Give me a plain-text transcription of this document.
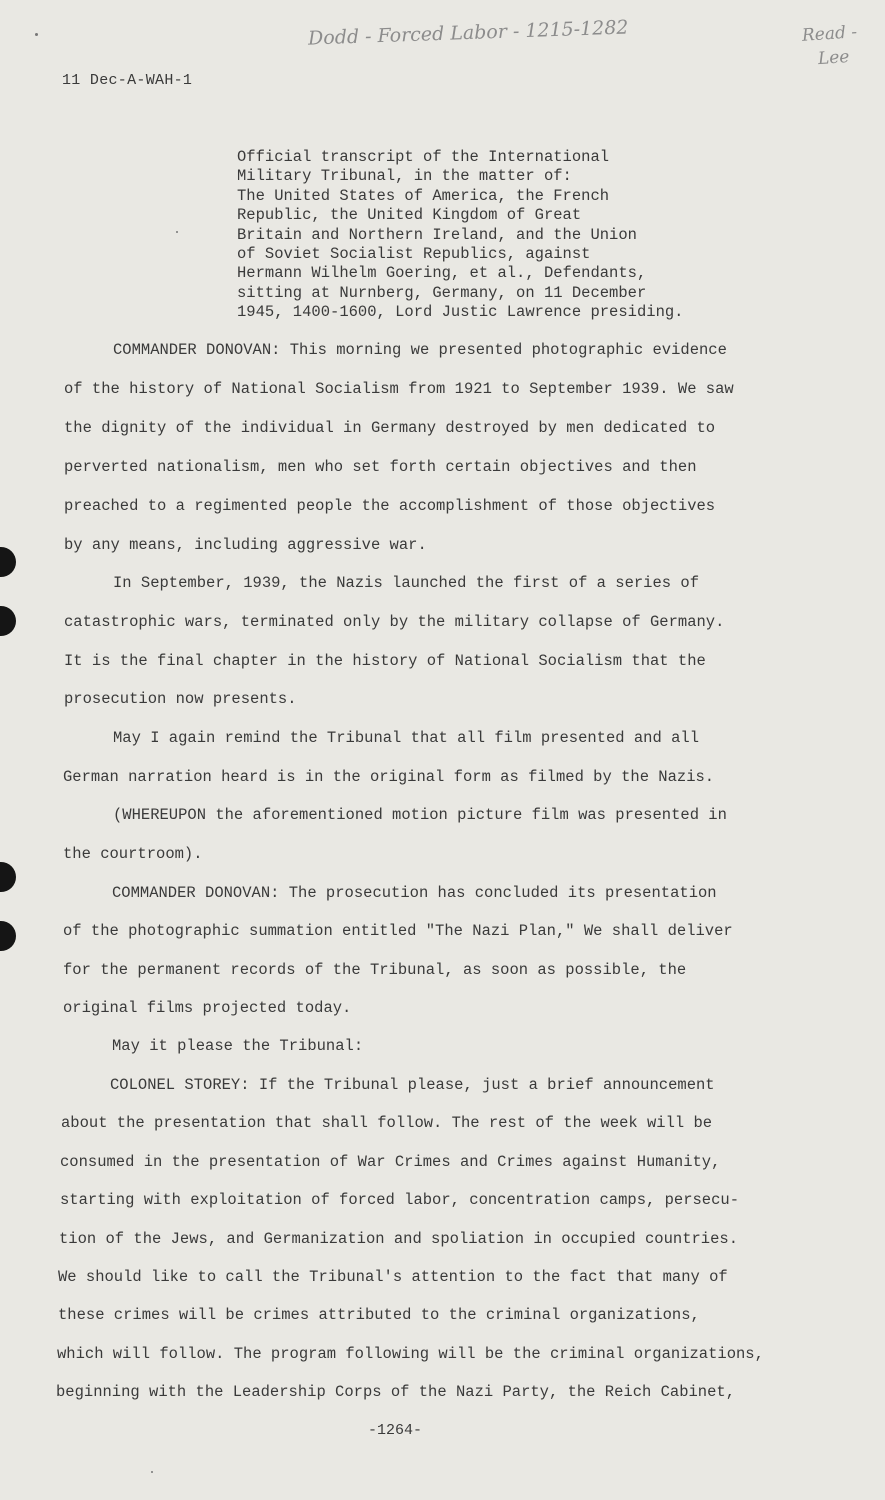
Dodd - Forced Labor - 1215-1282	Read -
Lee
11 Dec-A-WAH-1
Official transcript of the International
Military Tribunal, in the matter of:
The United States of America, the French
Republic, the United Kingdom of Great
Britain and Northern Ireland, and the Union
of Soviet Socialist Republics, against
Hermann Wilhelm Goering, et al., Defendants,
sitting at Nurnberg, Germany, on 11 December
1945, 1400-1600, Lord Justic Lawrence presiding.
COMMANDER DONOVAN: This morning we presented photographic evidence
of the history of National Socialism from 1921 to September 1939. We saw
the dignity of the individual in Germany destroyed by men dedicated to
perverted nationalism, men who set forth certain objectives and then
preached to a regimented people the accomplishment of those objectives
by any means, including aggressive war.
In September, 1939, the Nazis launched the first of a series of
catastrophic wars, terminated only by the military collapse of Germany.
It is the final chapter in the history of National Socialism that the
prosecution now presents.
May I again remind the Tribunal that all film presented and all
German narration heard is in the original form as filmed by the Nazis.
(WHEREUPON the aforementioned motion picture film was presented in
the courtroom).
COMMANDER DONOVAN: The prosecution has concluded its presentation
of the photographic summation entitled "The Nazi Plan," We shall deliver
for the permanent records of the Tribunal, as soon as possible, the
original films projected today.
May it please the Tribunal:
COLONEL STOREY: If the Tribunal please, just a brief announcement
about the presentation that shall follow. The rest of the week will be
consumed in the presentation of War Crimes and Crimes against Humanity,
starting with exploitation of forced labor, concentration camps, persecu-
tion of the Jews, and Germanization and spoliation in occupied countries.
We should like to call the Tribunal's attention to the fact that many of
these crimes will be crimes attributed to the criminal organizations,
which will follow. The program following will be the criminal organizations,
beginning with the Leadership Corps of the Nazi Party, the Reich Cabinet,
-1264-
